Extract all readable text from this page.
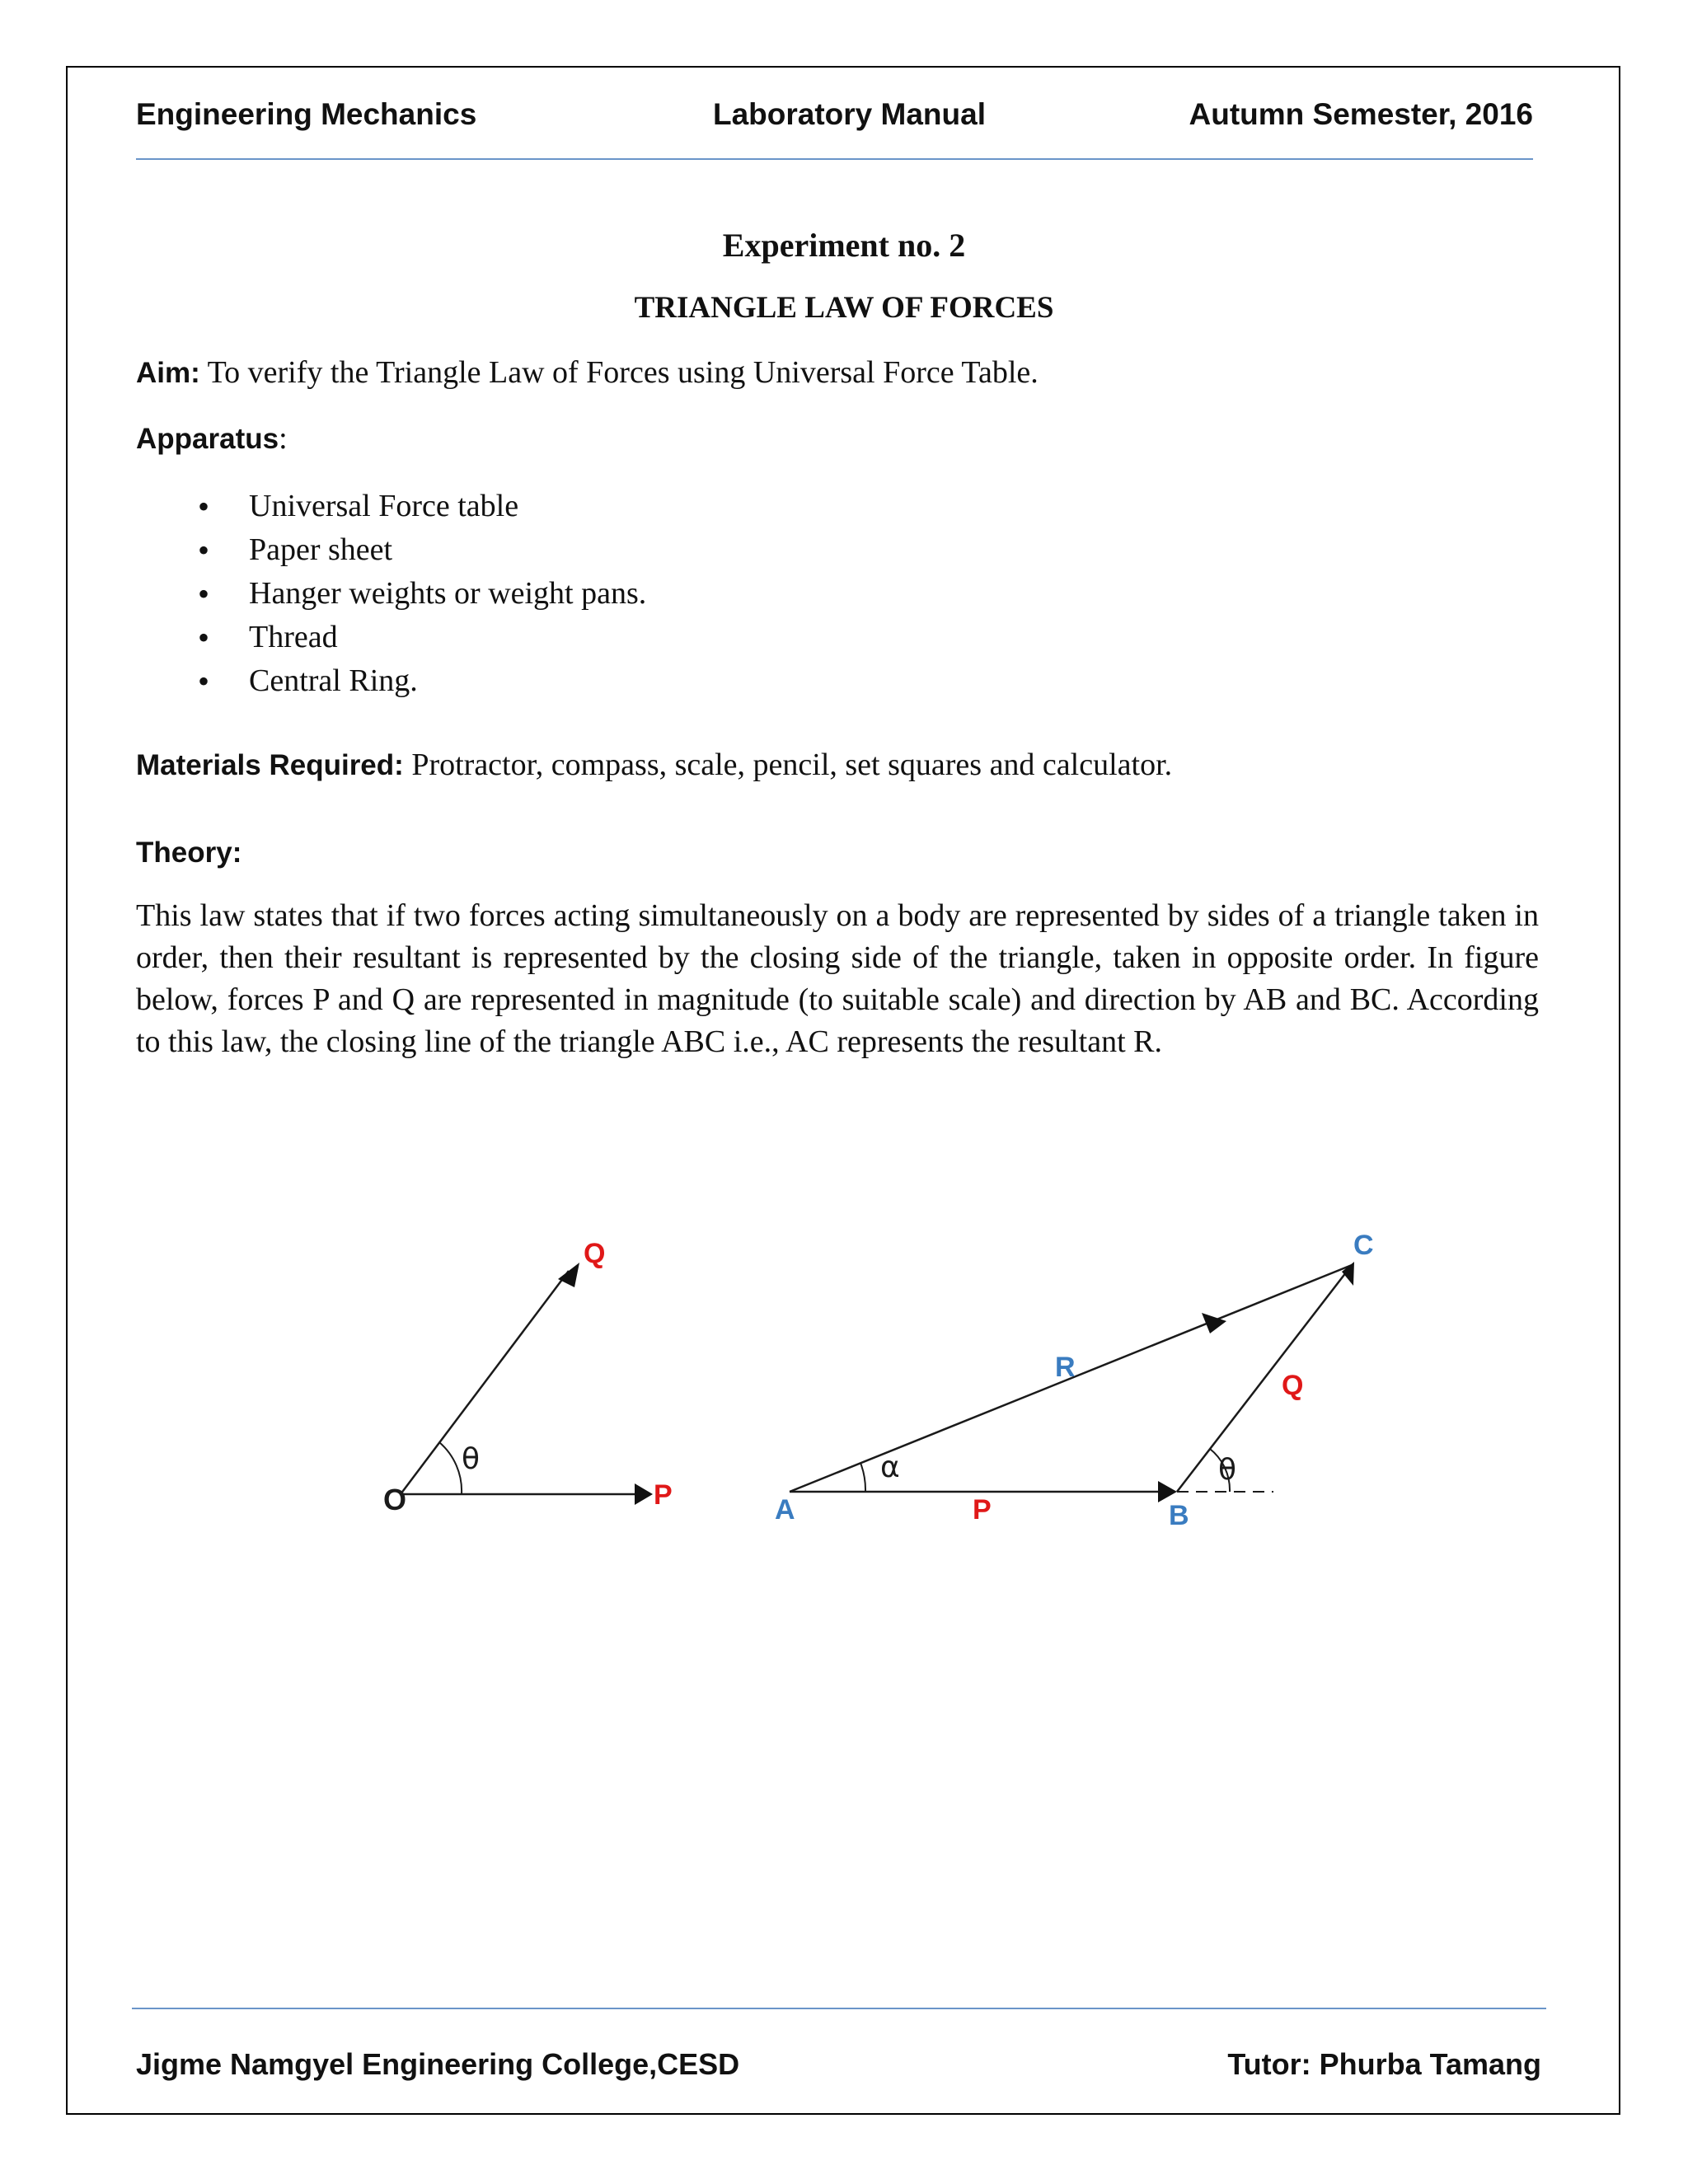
Engineering Mechanics	Laboratory Manual	Autumn Semester, 2016
Experiment no. 2
TRIANGLE LAW OF FORCES
Aim: To verify the Triangle Law of Forces using Universal Force Table.
Apparatus:
• Universal Force table
• Paper sheet
• Hanger weights or weight pans.
• Thread
• Central Ring.
Materials Required: Protractor, compass, scale, pencil, set squares and calculator.
Theory:
This law states that if two forces acting simultaneously on a body are represented by sides of a triangle taken in order, then their resultant is represented by the closing side of the triangle, taken in opposite order. In figure below, forces P and Q are represented in magnitude (to suitable scale) and direction by AB and BC. According to this law, the closing line of the triangle ABC i.e., AC represents the resultant R.
O	P
Q
θ
A	B
C
P
Q
R
α	θ
Jigme Namgyel Engineering College,CESD	Tutor: Phurba Tamang
